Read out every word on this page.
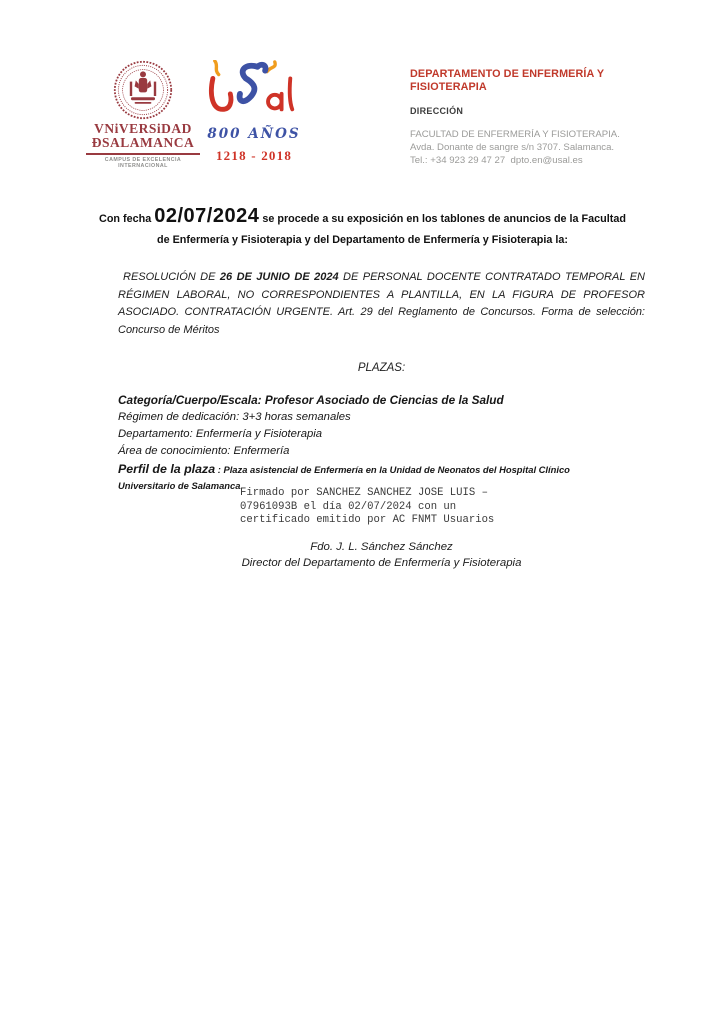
VNiVERSiDAD
ĐSALAMANCA
CAMPUS DE EXCELENCIA INTERNACIONAL
800 AÑOS
1218 - 2018
DEPARTAMENTO DE ENFERMERÍA Y FISIOTERAPIA
DIRECCIÓN
FACULTAD DE ENFERMERÍA Y FISIOTERAPIA.
Avda. Donante de sangre s/n 3707. Salamanca.
Tel.: +34 923 29 47 27  dpto.en@usal.es
Con fecha 02/07/2024 se procede a su exposición en los tablones de anuncios de la Facultad
de Enfermería y Fisioterapia y del Departamento de Enfermería y Fisioterapia la:
RESOLUCIÓN DE 26 DE JUNIO DE 2024 DE PERSONAL DOCENTE CONTRATADO TEMPORAL EN RÉGIMEN LABORAL, NO CORRESPONDIENTES A PLANTILLA, EN LA FIGURA DE PROFESOR ASOCIADO. CONTRATACIÓN URGENTE. Art. 29 del Reglamento de Concursos. Forma de selección: Concurso de Méritos
PLAZAS:
Categoría/Cuerpo/Escala: Profesor Asociado de Ciencias de la Salud
Régimen de dedicación: 3+3 horas semanales
Departamento: Enfermería y Fisioterapia
Área de conocimiento: Enfermería
Perfil de la plaza : Plaza asistencial de Enfermería en la Unidad de Neonatos del Hospital Clínico Universitario de Salamanca.
Firmado por SANCHEZ SANCHEZ JOSE LUIS –
07961093B el día 02/07/2024 con un
certificado emitido por AC FNMT Usuarios
Fdo. J. L. Sánchez Sánchez
Director del Departamento de Enfermería y Fisioterapia
